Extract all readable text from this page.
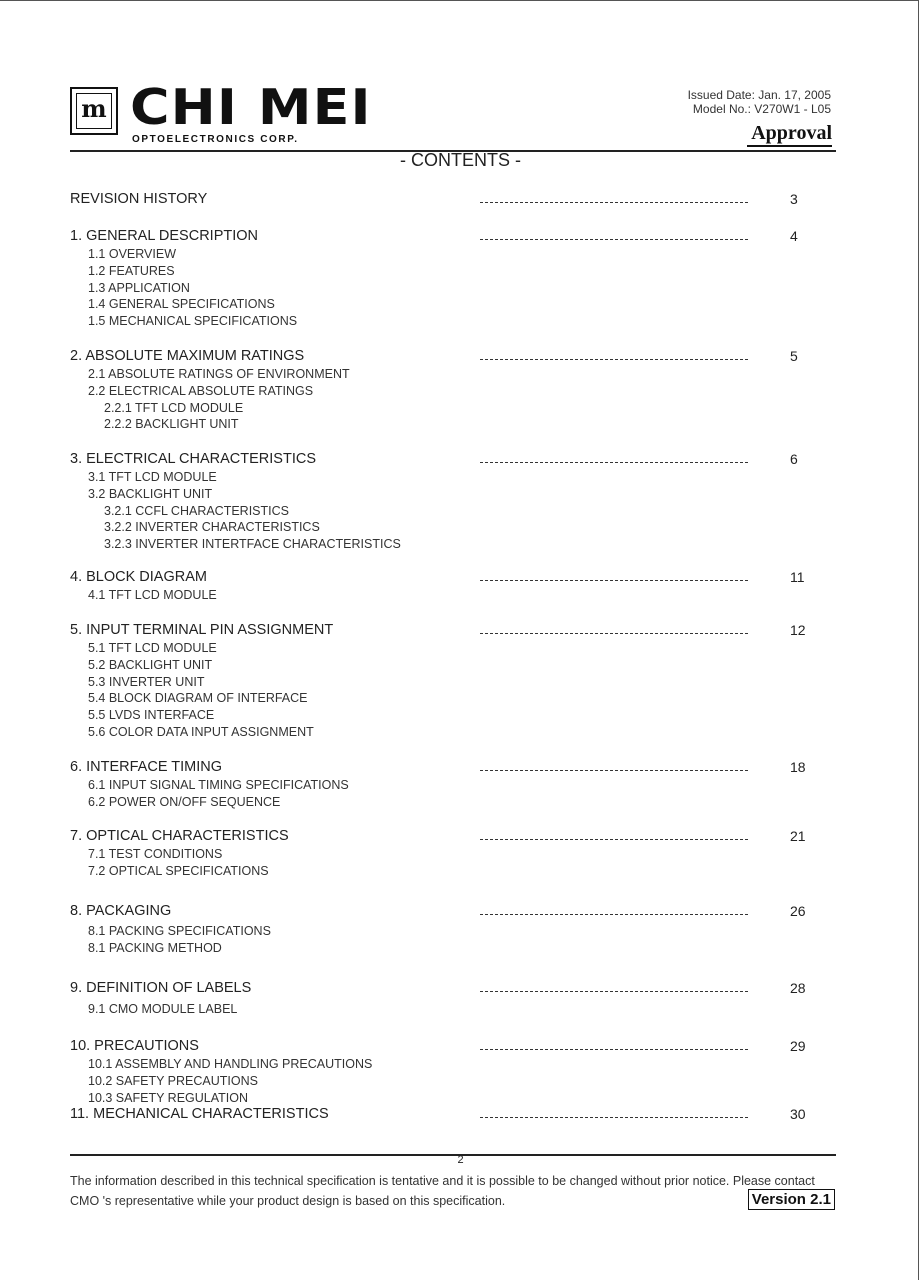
m CHI MEI
OPTOELECTRONICS CORP.
Issued Date: Jan. 17, 2005
Model No.: V270W1 - L05
Approval
- CONTENTS -
REVISION HISTORY	3
1. GENERAL DESCRIPTION	4
1.1 OVERVIEW
1.2 FEATURES
1.3 APPLICATION
1.4 GENERAL SPECIFICATIONS
1.5 MECHANICAL SPECIFICATIONS
2. ABSOLUTE MAXIMUM RATINGS	5
2.1 ABSOLUTE RATINGS OF ENVIRONMENT
2.2 ELECTRICAL ABSOLUTE RATINGS
2.2.1 TFT LCD MODULE
2.2.2 BACKLIGHT UNIT
3. ELECTRICAL CHARACTERISTICS	6
3.1 TFT LCD MODULE
3.2 BACKLIGHT UNIT
3.2.1 CCFL CHARACTERISTICS
3.2.2 INVERTER CHARACTERISTICS
3.2.3 INVERTER INTERTFACE CHARACTERISTICS
4. BLOCK DIAGRAM	11
4.1 TFT LCD MODULE
5. INPUT TERMINAL PIN ASSIGNMENT	12
5.1 TFT LCD MODULE
5.2 BACKLIGHT UNIT
5.3 INVERTER UNIT
5.4 BLOCK DIAGRAM OF INTERFACE
5.5 LVDS INTERFACE
5.6 COLOR DATA INPUT ASSIGNMENT
6. INTERFACE TIMING	18
6.1 INPUT SIGNAL TIMING SPECIFICATIONS
6.2 POWER ON/OFF SEQUENCE
7. OPTICAL CHARACTERISTICS	21
7.1 TEST CONDITIONS
7.2 OPTICAL SPECIFICATIONS
8. PACKAGING	26
8.1 PACKING SPECIFICATIONS
8.1 PACKING METHOD
9. DEFINITION OF LABELS	28
9.1 CMO MODULE LABEL
10. PRECAUTIONS	29
10.1 ASSEMBLY AND HANDLING PRECAUTIONS
10.2 SAFETY PRECAUTIONS
10.3 SAFETY REGULATION
11. MECHANICAL CHARACTERISTICS	30
2
The information described in this technical specification is tentative and it is possible to be changed without prior notice. Please contact CMO 's representative while your product design is based on this specification.	Version 2.1
